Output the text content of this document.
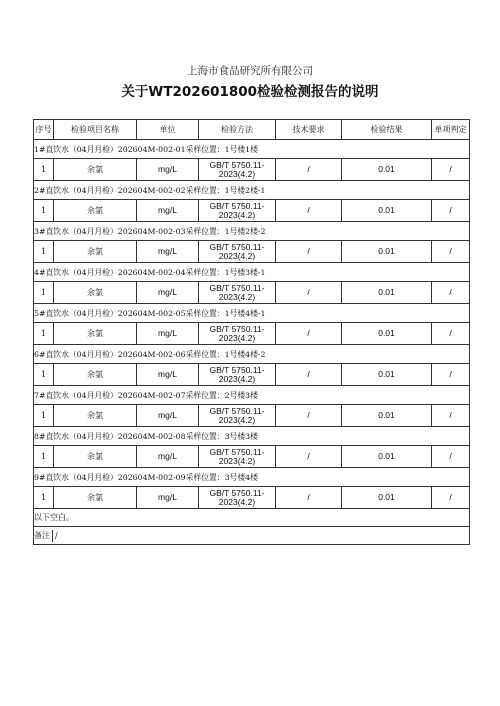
上海市食品研究所有限公司
关于WT202601800检验检测报告的说明
序号	检验项目名称	单位	检验方法	技术要求	检验结果	单项判定
1#直饮水（04月月检）202604M-002-01采样位置：1号楼1楼						
1	余氯	mg/L	GB/T 5750.11-2023(4.2)	/	0.01	/
2#直饮水（04月月检）202604M-002-02采样位置：1号楼2楼-1						
1	余氯	mg/L	GB/T 5750.11-2023(4.2)	/	0.01	/
3#直饮水（04月月检）202604M-002-03采样位置：1号楼2楼-2						
1	余氯	mg/L	GB/T 5750.11-2023(4.2)	/	0.01	/
4#直饮水（04月月检）202604M-002-04采样位置：1号楼3楼-1						
1	余氯	mg/L	GB/T 5750.11-2023(4.2)	/	0.01	/
5#直饮水（04月月检）202604M-002-05采样位置：1号楼4楼-1						
1	余氯	mg/L	GB/T 5750.11-2023(4.2)	/	0.01	/
6#直饮水（04月月检）202604M-002-06采样位置：1号楼4楼-2						
1	余氯	mg/L	GB/T 5750.11-2023(4.2)	/	0.01	/
7#直饮水（04月月检）202604M-002-07采样位置：2号楼3楼						
1	余氯	mg/L	GB/T 5750.11-2023(4.2)	/	0.01	/
8#直饮水（04月月检）202604M-002-08采样位置：3号楼3楼						
1	余氯	mg/L	GB/T 5750.11-2023(4.2)	/	0.01	/
9#直饮水（04月月检）202604M-002-09采样位置：3号楼4楼						
1	余氯	mg/L	GB/T 5750.11-2023(4.2)	/	0.01	/
以下空白。						
备注 /						
